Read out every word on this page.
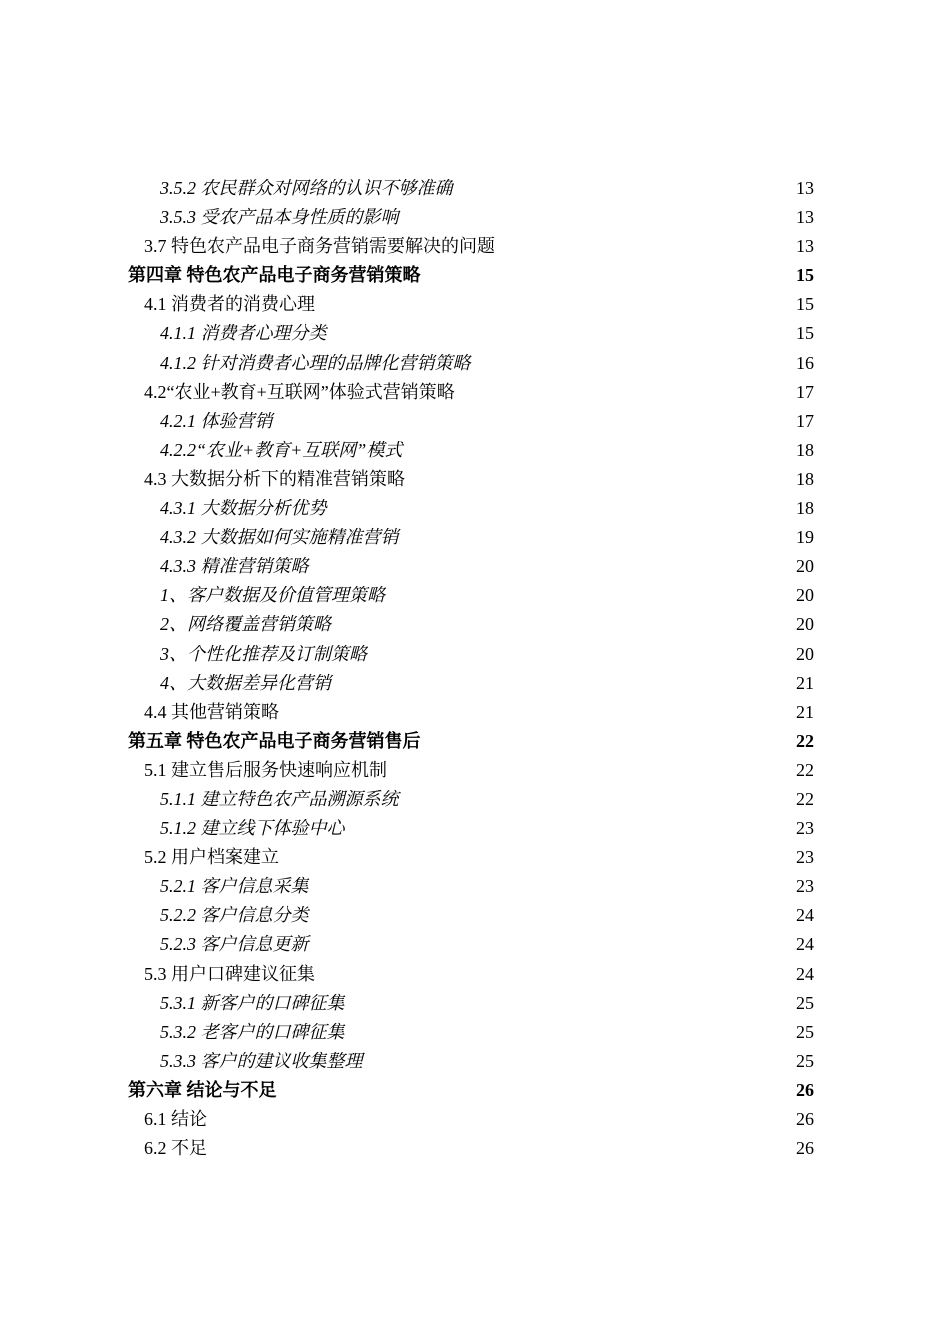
3.5.2 农民群众对网络的认识不够准确	13
3.5.3 受农产品本身性质的影响	13
3.7 特色农产品电子商务营销需要解决的问题	13
第四章 特色农产品电子商务营销策略	15
4.1 消费者的消费心理	15
4.1.1 消费者心理分类	15
4.1.2 针对消费者心理的品牌化营销策略	16
4.2“农业+教育+互联网”体验式营销策略	17
4.2.1 体验营销	17
4.2.2“农业+教育+互联网”模式	18
4.3 大数据分析下的精准营销策略	18
4.3.1 大数据分析优势	18
4.3.2 大数据如何实施精准营销	19
4.3.3 精准营销策略	20
1、客户数据及价值管理策略	20
2、网络覆盖营销策略	20
3、个性化推荐及订制策略	20
4、大数据差异化营销	21
4.4 其他营销策略	21
第五章 特色农产品电子商务营销售后	22
5.1 建立售后服务快速响应机制	22
5.1.1 建立特色农产品溯源系统	22
5.1.2 建立线下体验中心	23
5.2 用户档案建立	23
5.2.1 客户信息采集	23
5.2.2 客户信息分类	24
5.2.3 客户信息更新	24
5.3 用户口碑建议征集	24
5.3.1 新客户的口碑征集	25
5.3.2 老客户的口碑征集	25
5.3.3 客户的建议收集整理	25
第六章 结论与不足	26
6.1 结论	26
6.2 不足	26
